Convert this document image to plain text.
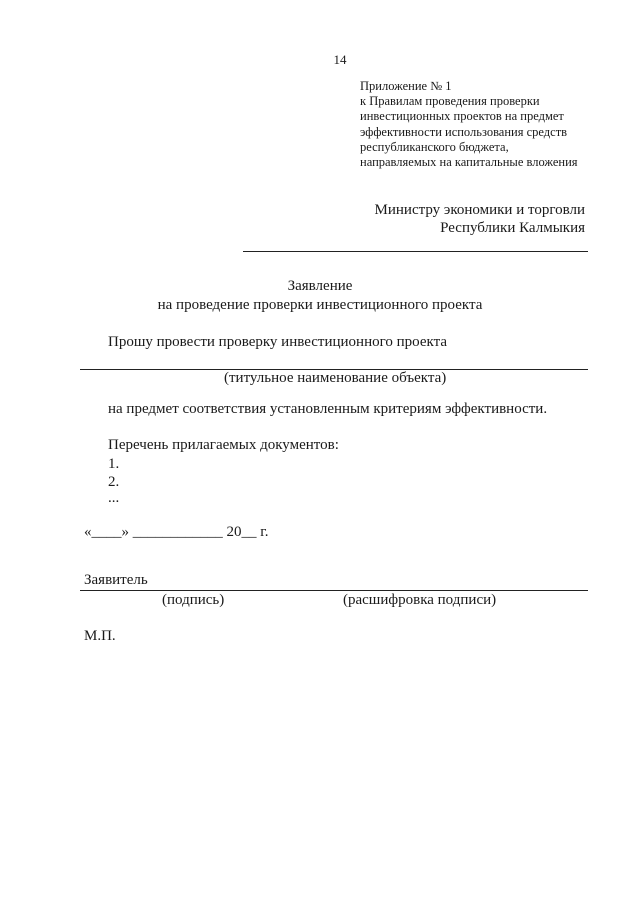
14
Приложение № 1
к Правилам проведения проверки
инвестиционных проектов на предмет
эффективности использования средств
республиканского бюджета,
направляемых на капитальные вложения
Министру экономики и торговли
Республики Калмыкия
Заявление
на проведение проверки инвестиционного проекта
Прошу провести проверку инвестиционного проекта
(титульное наименование объекта)
на предмет соответствия установленным критериям эффективности.
Перечень прилагаемых документов:
1.
2.
...
«____» ____________ 20__ г.
Заявитель
(подпись)	(расшифровка подписи)
М.П.
